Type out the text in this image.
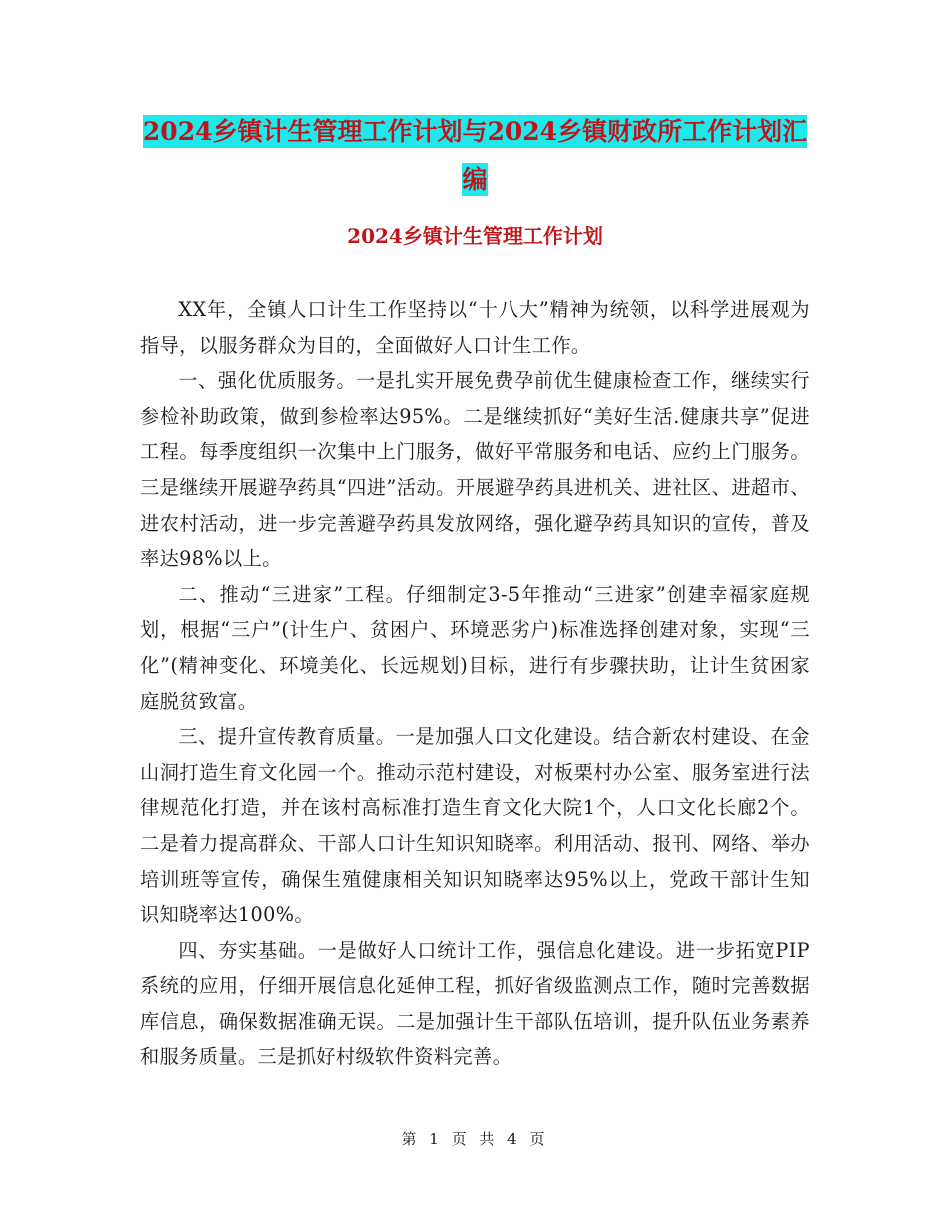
2024乡镇计生管理工作计划与2024乡镇财政所工作计划汇编
2024乡镇计生管理工作计划

XX年，全镇人口计生工作坚持以“十八大”精神为统领，以科学进展观为指导，以服务群众为目的，全面做好人口计生工作。

一、强化优质服务。一是扎实开展免费孕前优生健康检查工作，继续实行参检补助政策，做到参检率达95%。二是继续抓好“美好生活.健康共享”促进工程。每季度组织一次集中上门服务，做好平常服务和电话、应约上门服务。三是继续开展避孕药具“四进”活动。开展避孕药具进机关、进社区、进超市、进农村活动，进一步完善避孕药具发放网络，强化避孕药具知识的宣传，普及率达98%以上。

二、推动“三进家”工程。仔细制定3-5年推动“三进家”创建幸福家庭规划，根据“三户”(计生户、贫困户、环境恶劣户)标准选择创建对象，实现“三化”(精神变化、环境美化、长远规划)目标，进行有步骤扶助，让计生贫困家庭脱贫致富。

三、提升宣传教育质量。一是加强人口文化建设。结合新农村建设、在金山洞打造生育文化园一个。推动示范村建设，对板栗村办公室、服务室进行法律规范化打造，并在该村高标准打造生育文化大院1个，人口文化长廊2个。二是着力提高群众、干部人口计生知识知晓率。利用活动、报刊、网络、举办培训班等宣传，确保生殖健康相关知识知晓率达95%以上，党政干部计生知识知晓率达100%。

四、夯实基础。一是做好人口统计工作，强信息化建设。进一步拓宽PIP系统的应用，仔细开展信息化延伸工程，抓好省级监测点工作，随时完善数据库信息，确保数据准确无误。二是加强计生干部队伍培训，提升队伍业务素养和服务质量。三是抓好村级软件资料完善。

第 1 页 共 4 页
